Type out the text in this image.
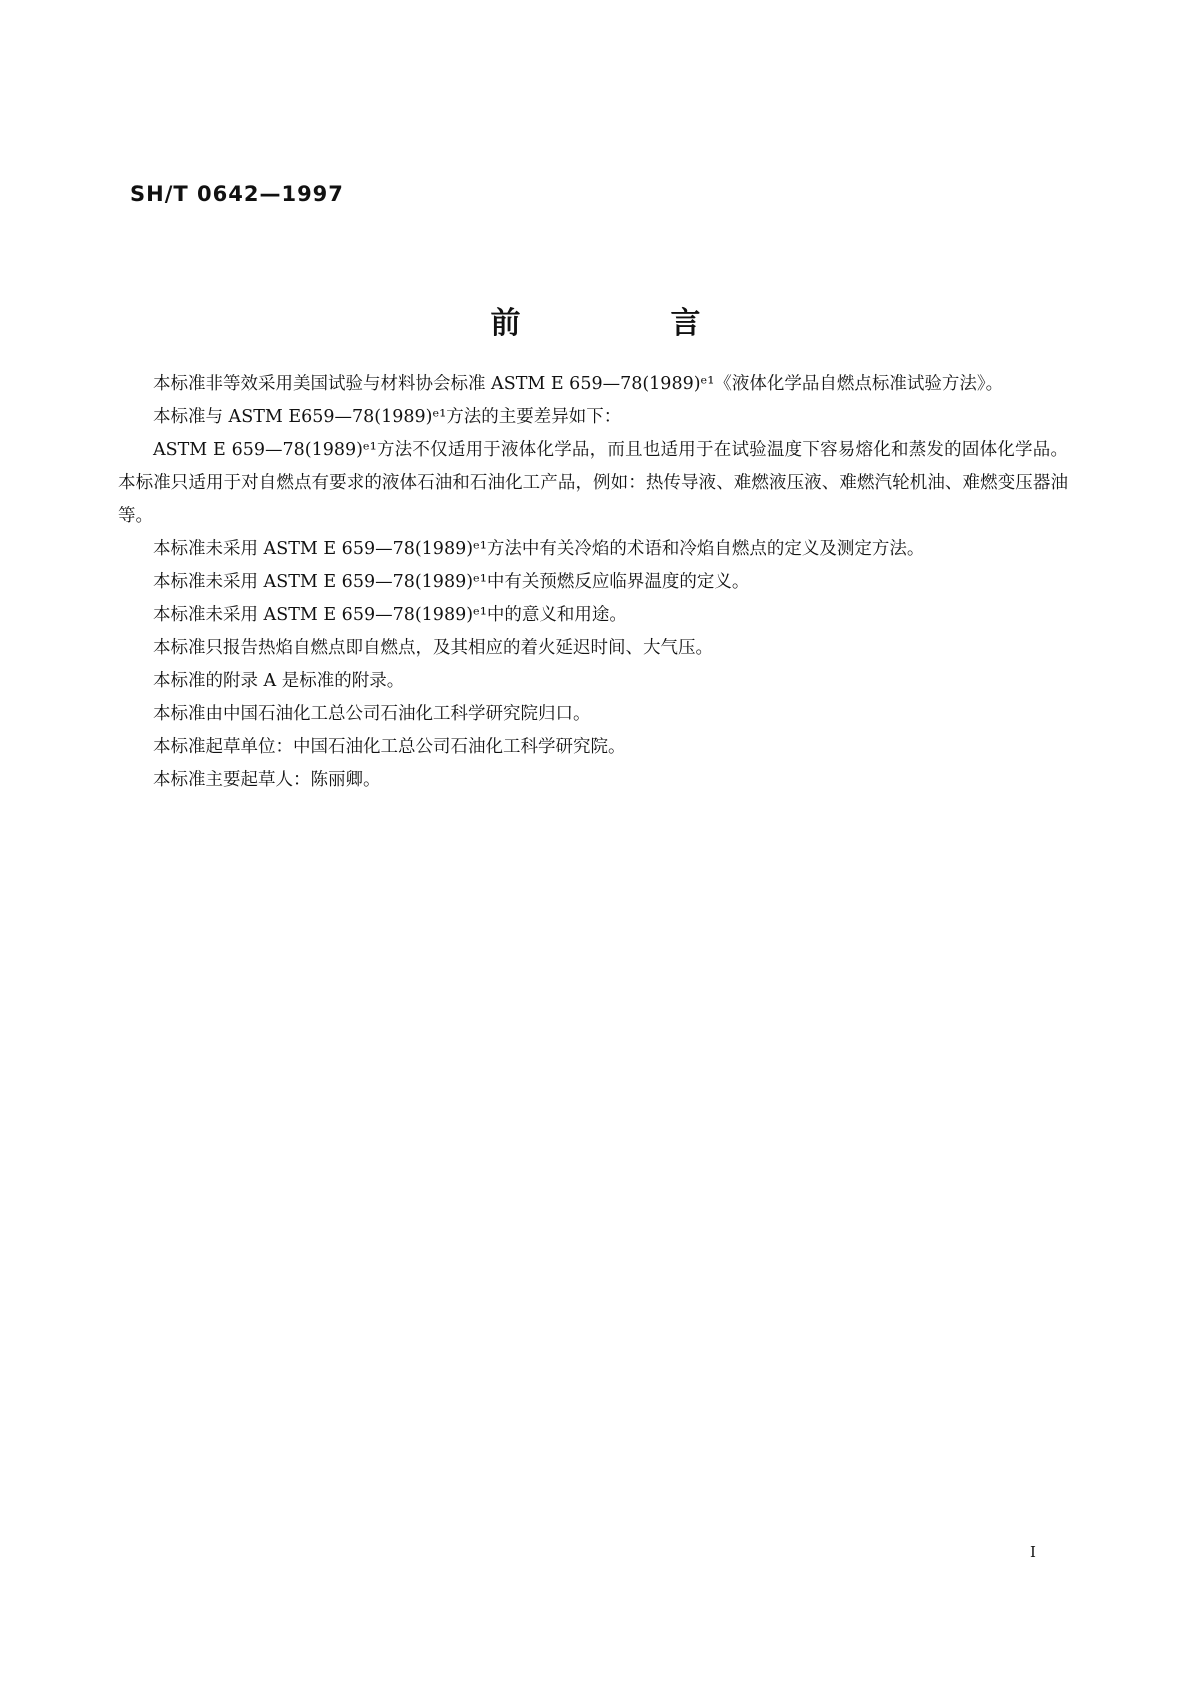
SH/T 0642—1997
前　言

本标准非等效采用美国试验与材料协会标准 ASTM E 659—78(1989)ᵉ¹《液体化学品自燃点标准试验方法》。

本标准与 ASTM E659—78(1989)ᵉ¹方法的主要差异如下：

ASTM E 659—78(1989)ᵉ¹方法不仅适用于液体化学品，而且也适用于在试验温度下容易熔化和蒸发的固体化学品。本标准只适用于对自燃点有要求的液体石油和石油化工产品，例如：热传导液、难燃液压液、难燃汽轮机油、难燃变压器油等。

本标准未采用 ASTM E 659—78(1989)ᵉ¹方法中有关冷焰的术语和冷焰自燃点的定义及测定方法。

本标准未采用 ASTM E 659—78(1989)ᵉ¹中有关预燃反应临界温度的定义。

本标准未采用 ASTM E 659—78(1989)ᵉ¹中的意义和用途。

本标准只报告热焰自燃点即自燃点，及其相应的着火延迟时间、大气压。

本标准的附录 A 是标准的附录。

本标准由中国石油化工总公司石油化工科学研究院归口。

本标准起草单位：中国石油化工总公司石油化工科学研究院。

本标准主要起草人：陈丽卿。

I
